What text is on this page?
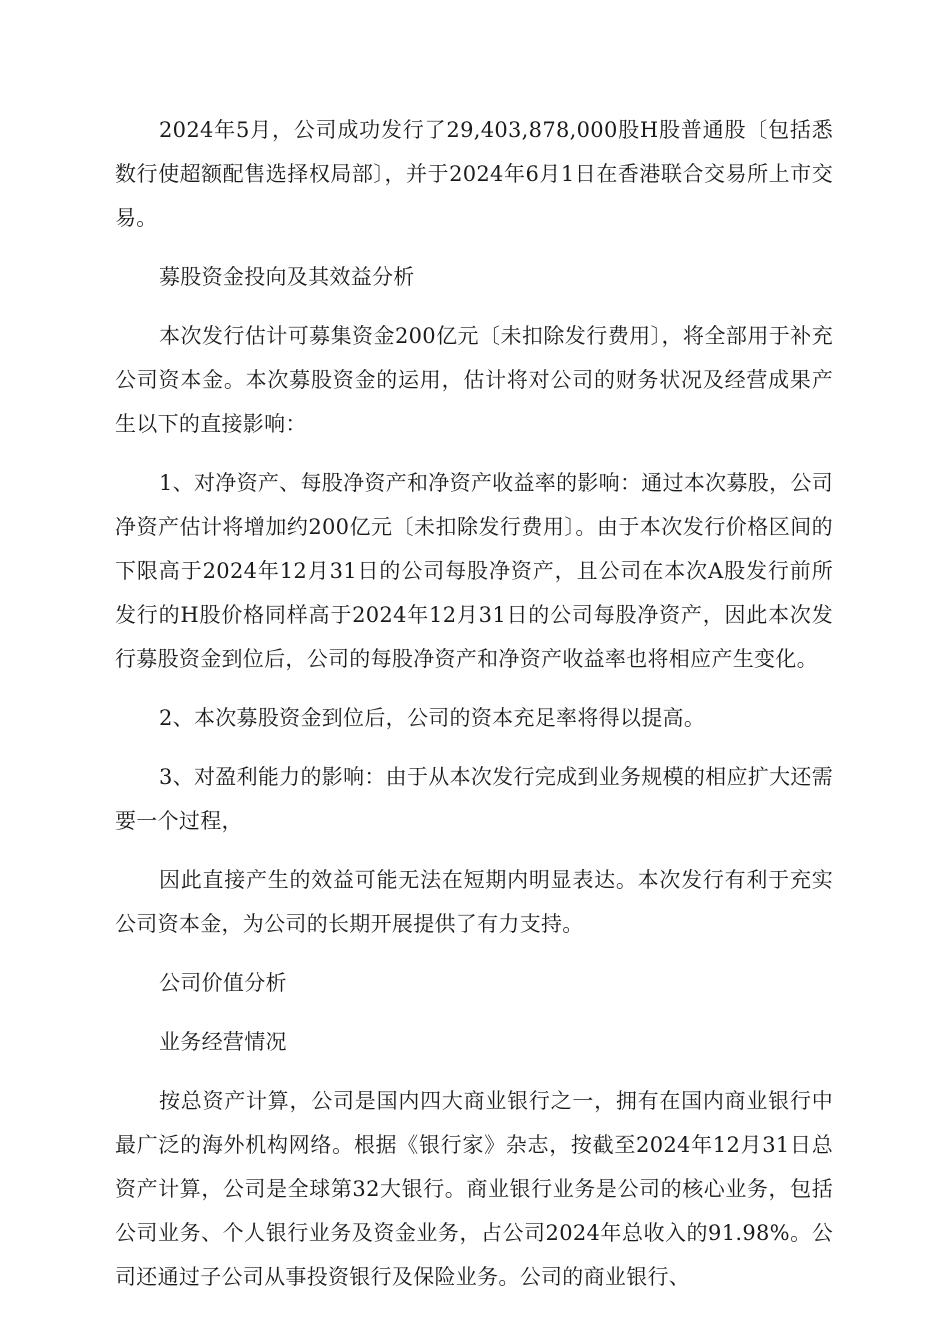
2024年5月，公司成功发行了29,403,878,000股H股普通股〔包括悉数行使超额配售选择权局部〕，并于2024年6月1日在香港联合交易所上市交易。

募股资金投向及其效益分析

本次发行估计可募集资金200亿元〔未扣除发行费用〕，将全部用于补充公司资本金。本次募股资金的运用，估计将对公司的财务状况及经营成果产生以下的直接影响：

1、对净资产、每股净资产和净资产收益率的影响：通过本次募股，公司净资产估计将增加约200亿元〔未扣除发行费用〕。由于本次发行价格区间的下限高于2024年12月31日的公司每股净资产，且公司在本次A股发行前所发行的H股价格同样高于2024年12月31日的公司每股净资产，因此本次发行募股资金到位后，公司的每股净资产和净资产收益率也将相应产生变化。

2、本次募股资金到位后，公司的资本充足率将得以提高。

3、对盈利能力的影响：由于从本次发行完成到业务规模的相应扩大还需要一个过程，

因此直接产生的效益可能无法在短期内明显表达。本次发行有利于充实公司资本金，为公司的长期开展提供了有力支持。

公司价值分析

业务经营情况

按总资产计算，公司是国内四大商业银行之一，拥有在国内商业银行中最广泛的海外机构网络。根据《银行家》杂志，按截至2024年12月31日总资产计算，公司是全球第32大银行。商业银行业务是公司的核心业务，包括公司业务、个人银行业务及资金业务，占公司2024年总收入的91.98%。公司还通过子公司从事投资银行及保险业务。公司的商业银行、
